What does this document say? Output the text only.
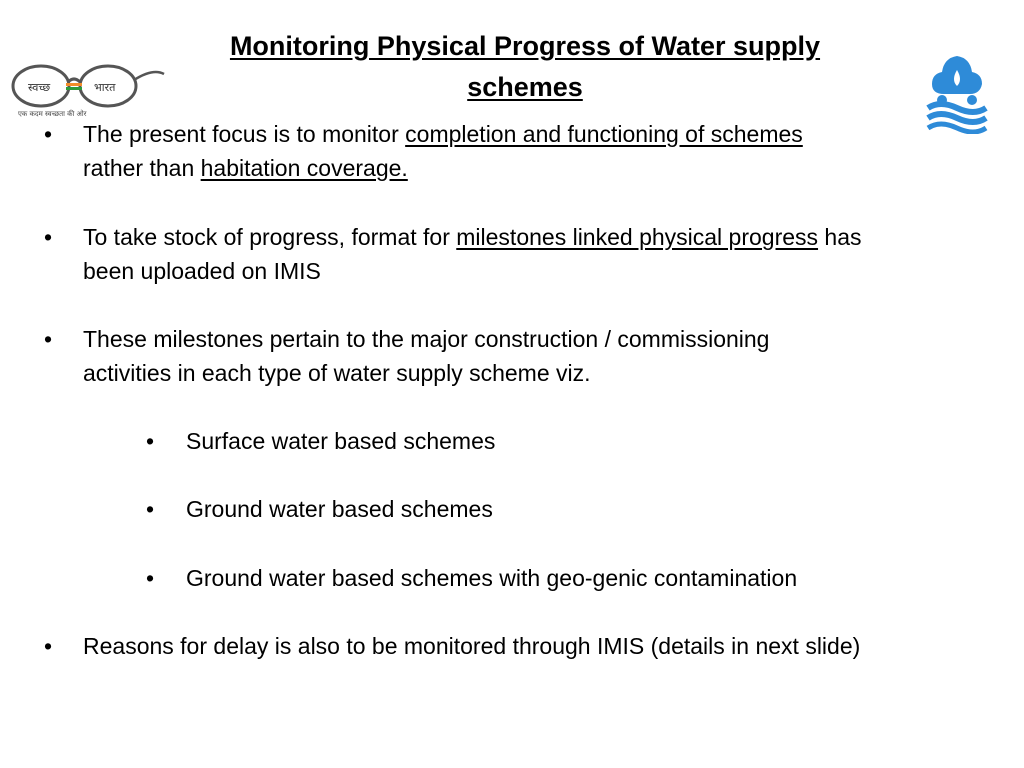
Monitoring Physical Progress of Water supply
schemes
स्वच्छ	भारत
एक कदम स्वच्छता की ओर
• The present focus is to monitor completion and functioning of schemes
rather than habitation coverage.
• To take stock of progress, format for milestones linked physical progress has
been uploaded on IMIS
• These milestones pertain to the major construction / commissioning
activities in each type of water supply scheme viz.
• Surface water based schemes
• Ground water based schemes
• Ground water based schemes with geo-genic contamination
• Reasons for delay is also to be monitored through IMIS (details in next slide)
